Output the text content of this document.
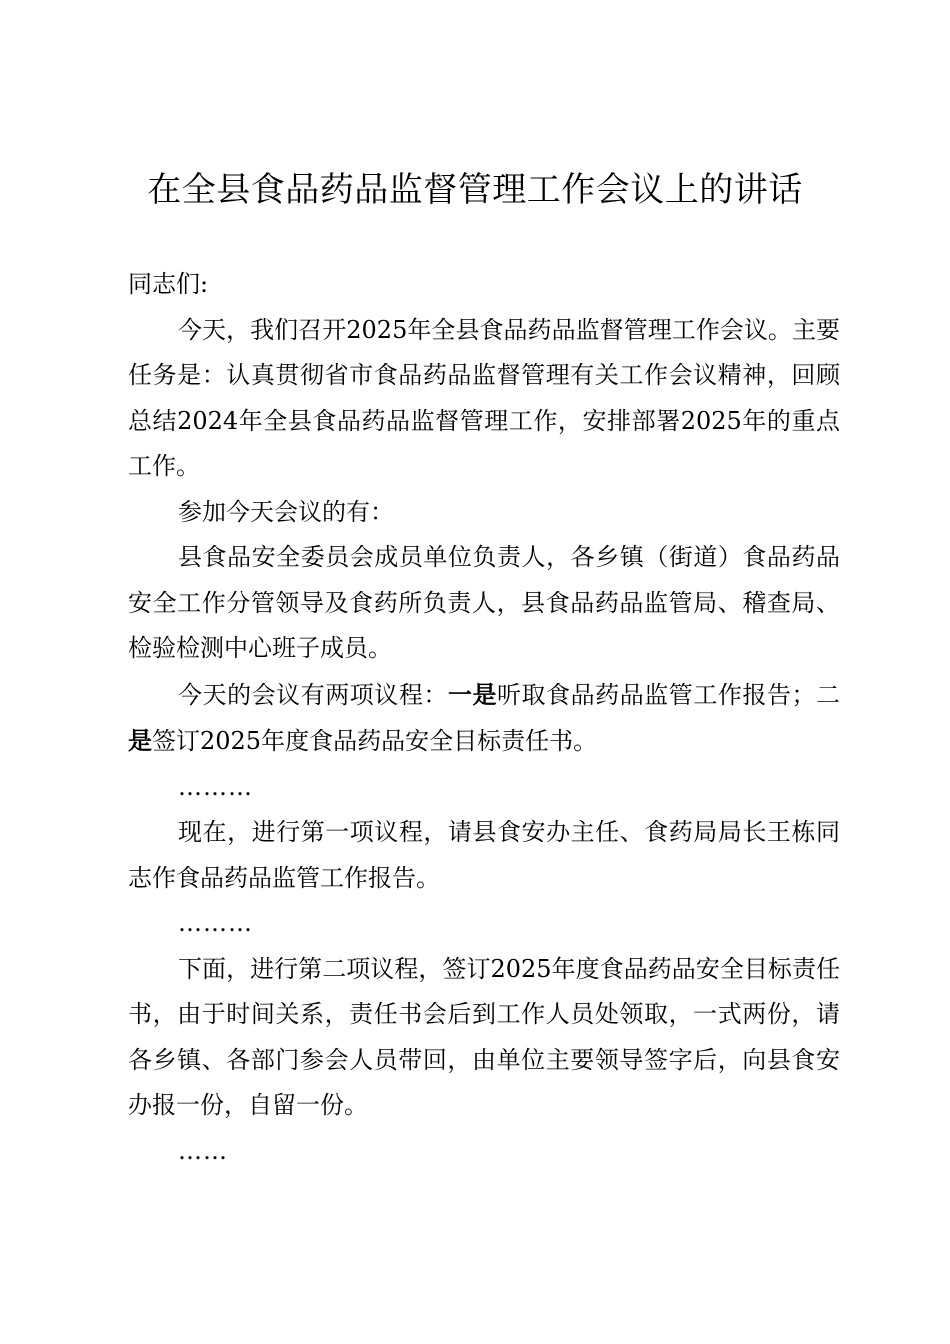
在全县食品药品监督管理工作会议上的讲话

同志们:

今天，我们召开2025年全县食品药品监督管理工作会议。主要任务是：认真贯彻省市食品药品监督管理有关工作会议精神，回顾总结2024年全县食品药品监督管理工作，安排部署2025年的重点工作。

参加今天会议的有：

县食品安全委员会成员单位负责人，各乡镇（街道）食品药品安全工作分管领导及食药所负责人，县食品药品监管局、稽查局、检验检测中心班子成员。

今天的会议有两项议程：一是听取食品药品监管工作报告；二是签订2025年度食品药品安全目标责任书。

………

现在，进行第一项议程，请县食安办主任、食药局局长王栋同志作食品药品监管工作报告。

………

下面，进行第二项议程，签订2025年度食品药品安全目标责任书，由于时间关系，责任书会后到工作人员处领取，一式两份，请各乡镇、各部门参会人员带回，由单位主要领导签字后，向县食安办报一份，自留一份。

……
